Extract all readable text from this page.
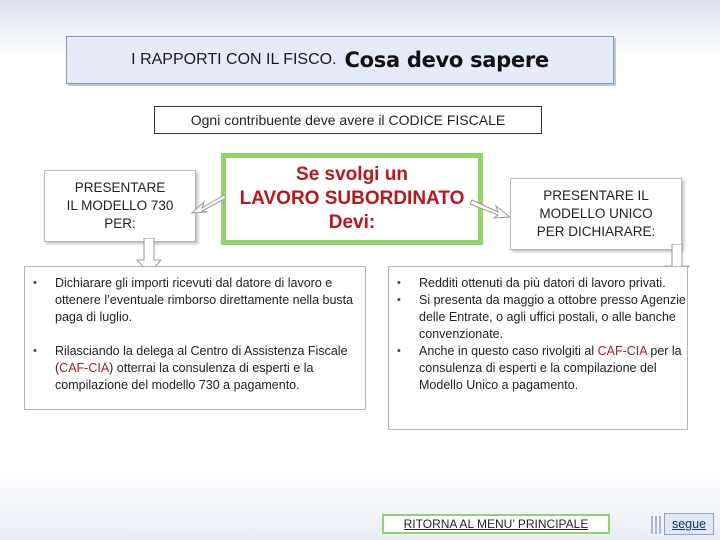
I RAPPORTI CON IL FISCO. Cosa devo sapere
Ogni contribuente deve avere il CODICE FISCALE
PRESENTARE
IL MODELLO 730
PER:
Se svolgi un
LAVORO SUBORDINATO
Devi:
PRESENTARE IL
MODELLO UNICO
PER DICHIARARE:
• Dichiarare gli importi ricevuti dal datore di lavoro e ottenere l’eventuale rimborso direttamente nella busta paga di luglio.
• Rilasciando la delega al Centro di Assistenza Fiscale (CAF-CIA) otterrai la consulenza di esperti e la compilazione del modello 730 a pagamento.
• Redditi ottenuti da più datori di lavoro privati.
• Si presenta da maggio a ottobre presso Agenzie delle Entrate, o agli uffici postali, o alle banche convenzionate.
• Anche in questo caso rivolgiti al CAF-CIA per la consulenza di esperti e la compilazione del Modello Unico a pagamento.
RITORNA AL MENU’ PRINCIPALE	segue
